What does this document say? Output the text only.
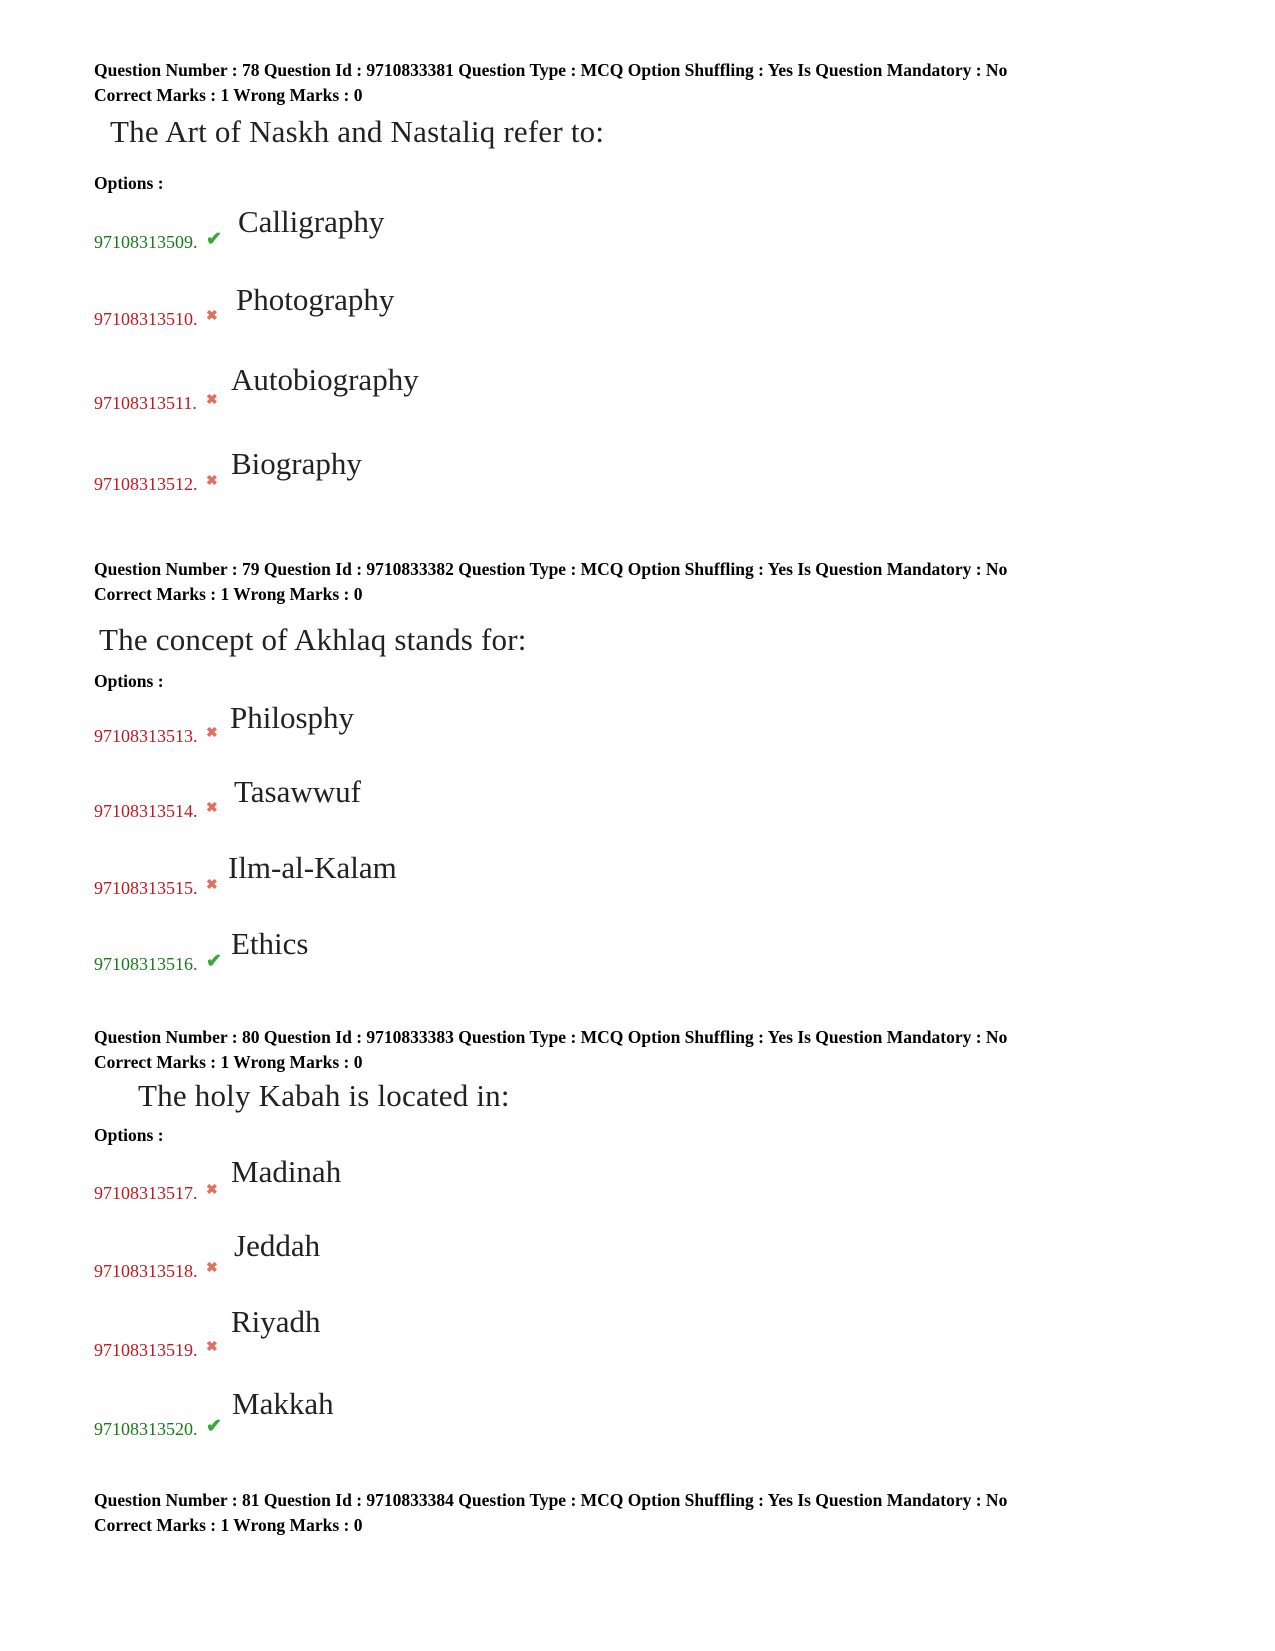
Question Number : 78 Question Id : 9710833381 Question Type : MCQ Option Shuffling : Yes Is Question Mandatory : No

Correct Marks : 1 Wrong Marks : 0

The Art of Naskh and Nastaliq refer to:
Options :
97108313509. ✔
Calligraphy
97108313510. ✖ Photography
97108313511. ✖
Autobiography
97108313512. ✖
Biography

Question Number : 79 Question Id : 9710833382 Question Type : MCQ Option Shuffling : Yes Is Question Mandatory : No

Correct Marks : 1 Wrong Marks : 0

The concept of Akhlaq stands for:
Options :
97108313513. ✖ Philosphy
97108313514. ✖ Tasawwuf
97108313515. ✖
Ilm-al-Kalam
97108313516. ✔
Ethics

Question Number : 80 Question Id : 9710833383 Question Type : MCQ Option Shuffling : Yes Is Question Mandatory : No

Correct Marks : 1 Wrong Marks : 0

The holy Kabah is located in:
Options :
97108313517. ✖
Madinah
97108313518. ✖
Jeddah
97108313519. ✖
Riyadh
97108313520. ✔
Makkah

Question Number : 81 Question Id : 9710833384 Question Type : MCQ Option Shuffling : Yes Is Question Mandatory : No

Correct Marks : 1 Wrong Marks : 0
